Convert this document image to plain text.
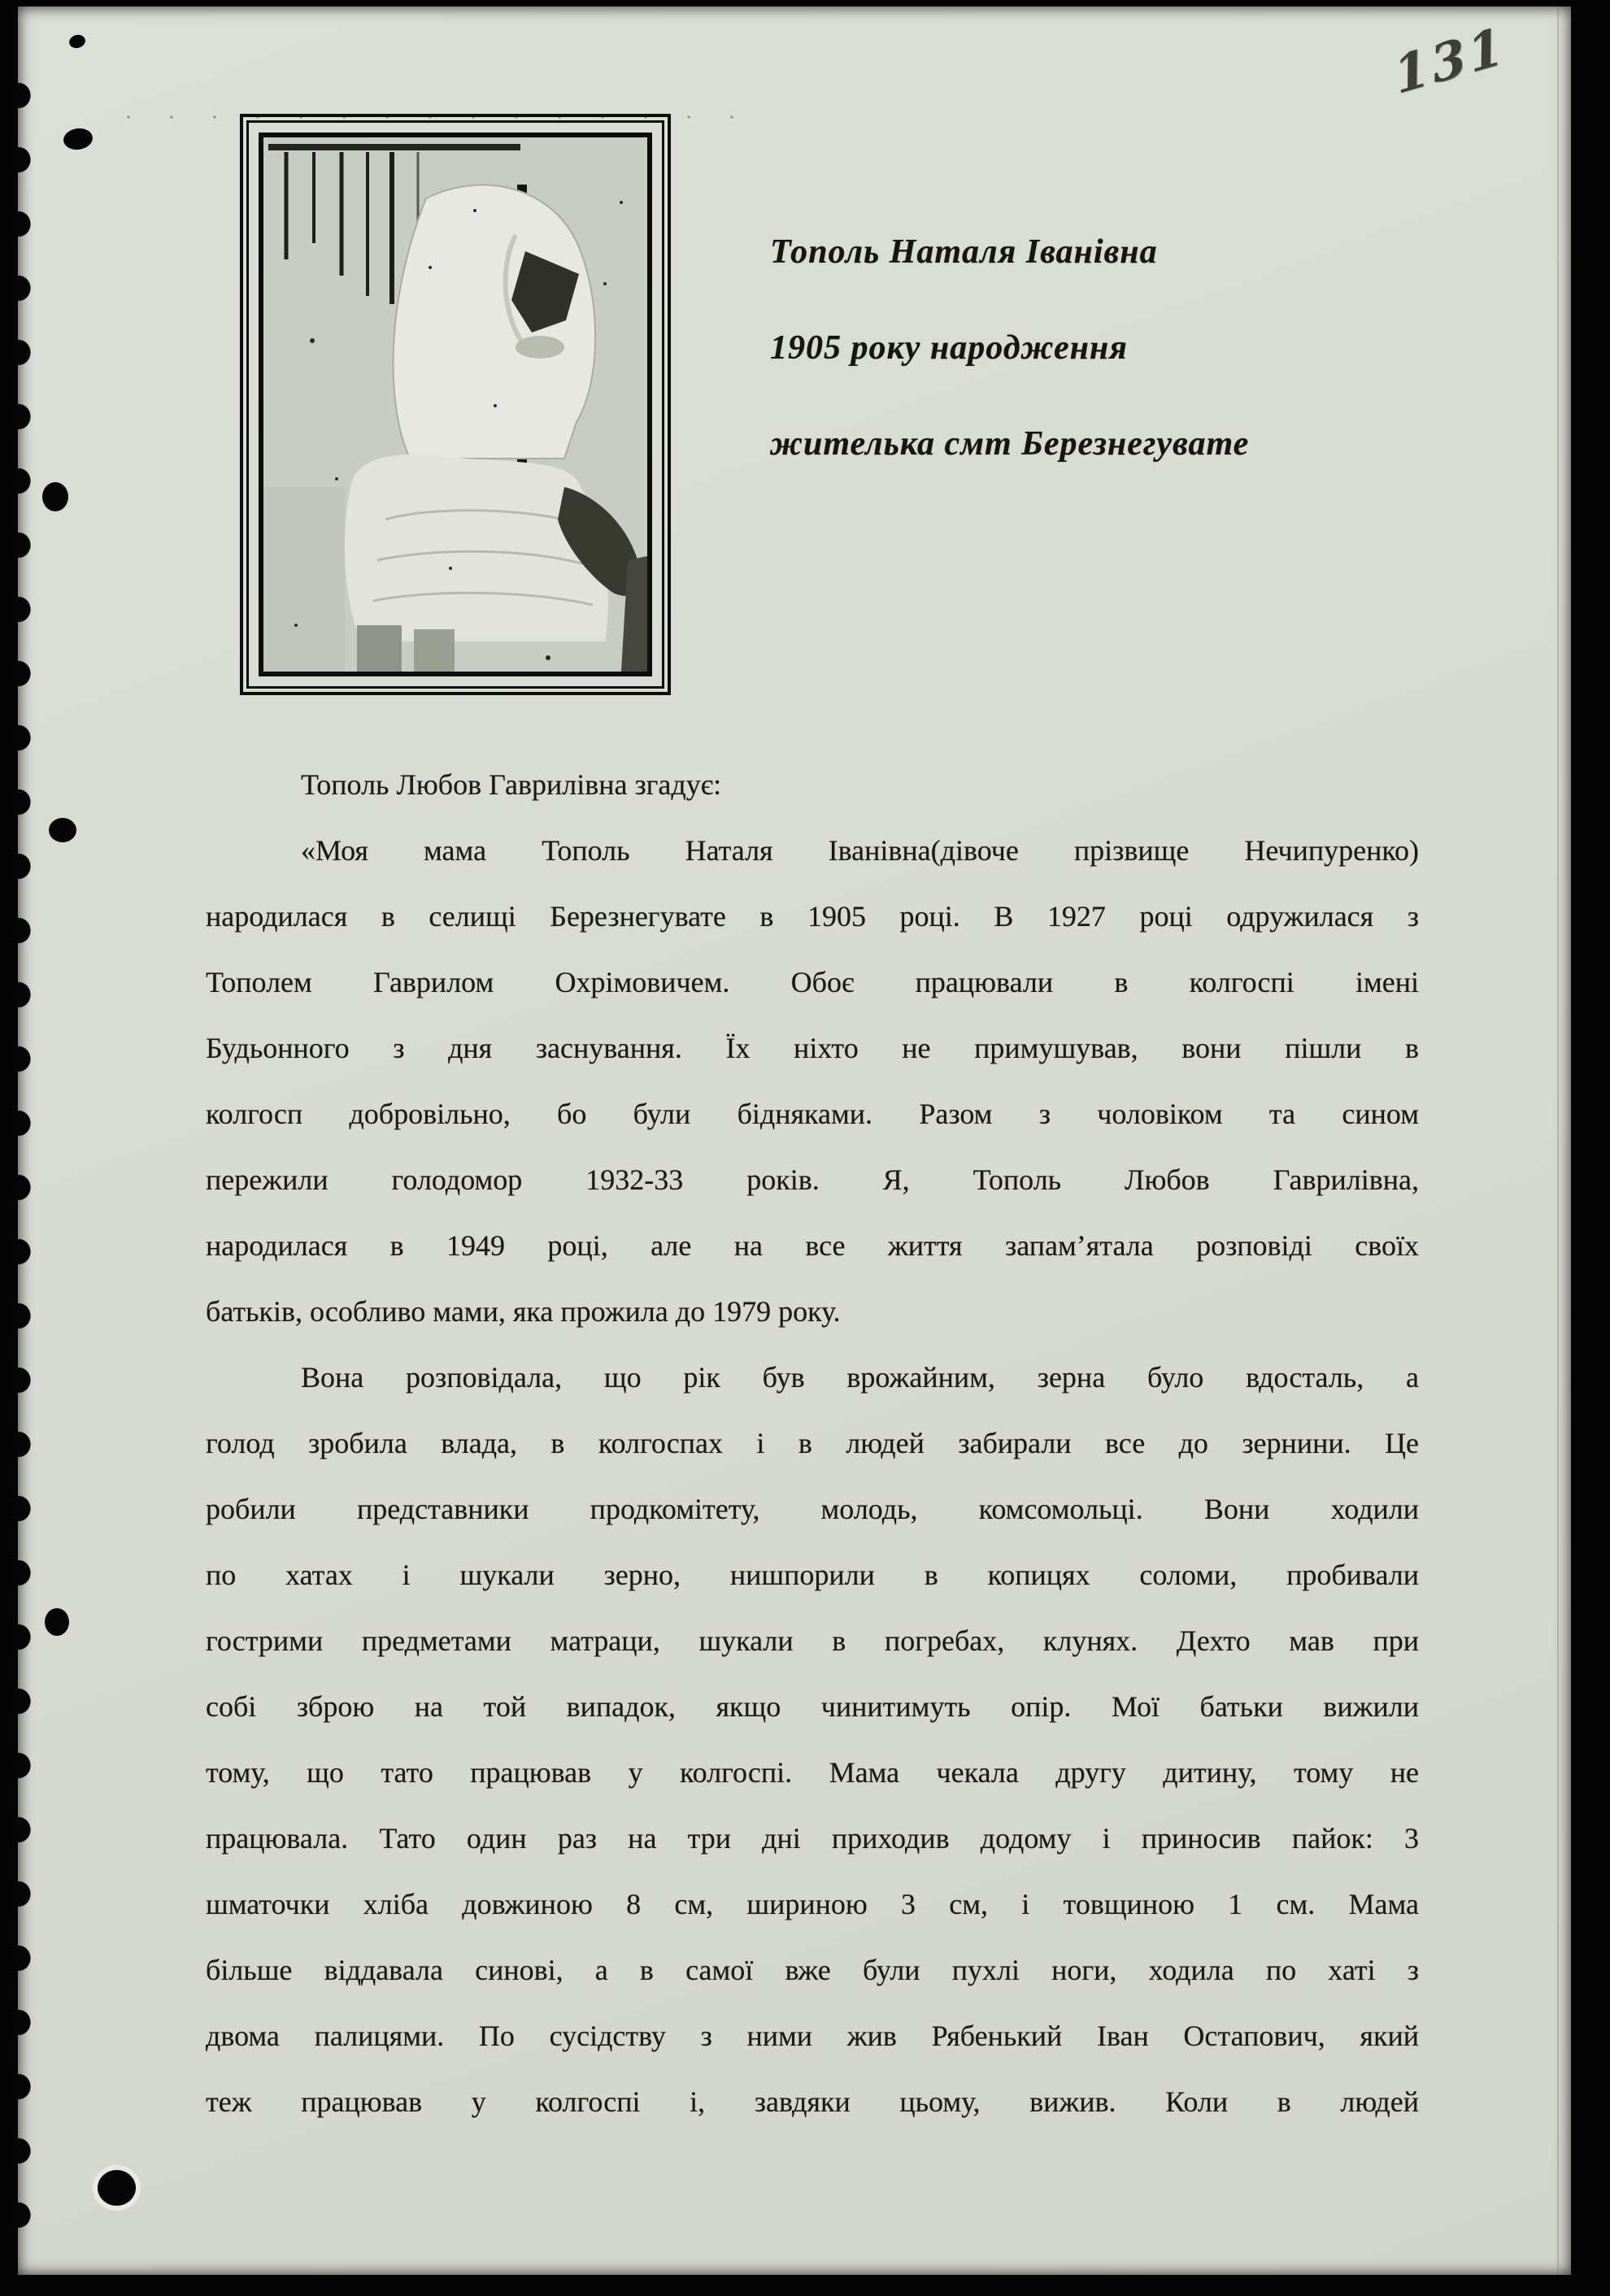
131
Тополь Наталя Іванівна
1905 року народження
жителька смт Березнегувате
Тополь Любов Гаврилівна згадує:
«Моя мама Тополь Наталя Іванівна(дівоче прізвище Нечипуренко)
народилася в селищі Березнегувате в 1905 році. В 1927 році одружилася з
Тополем Гаврилом Охрімовичем. Обоє працювали в колгоспі імені
Будьонного з дня заснування. Їх ніхто не примушував, вони пішли в
колгосп добровільно, бо були бідняками. Разом з чоловіком та сином
пережили голодомор 1932-33 років. Я, Тополь Любов Гаврилівна,
народилася в 1949 році, але на все життя запам’ятала розповіді своїх
батьків, особливо мами, яка прожила до 1979 року.
Вона розповідала, що рік був врожайним, зерна було вдосталь, а
голод зробила влада, в колгоспах і в людей забирали все до зернини. Це
робили представники продкомітету, молодь, комсомольці. Вони ходили
по хатах і шукали зерно, нишпорили в копицях соломи, пробивали
гострими предметами матраци, шукали в погребах, клунях. Дехто мав при
собі зброю на той випадок, якщо чинитимуть опір. Мої батьки вижили
тому, що тато працював у колгоспі. Мама чекала другу дитину, тому не
працювала. Тато один раз на три дні приходив додому і приносив пайок: 3
шматочки хліба довжиною 8 см, шириною 3 см, і товщиною 1 см. Мама
більше віддавала синові, а в самої вже були пухлі ноги, ходила по хаті з
двома палицями. По сусідству з ними жив Рябенький Іван Остапович, який
теж працював у колгоспі і, завдяки цьому, вижив. Коли в людей
